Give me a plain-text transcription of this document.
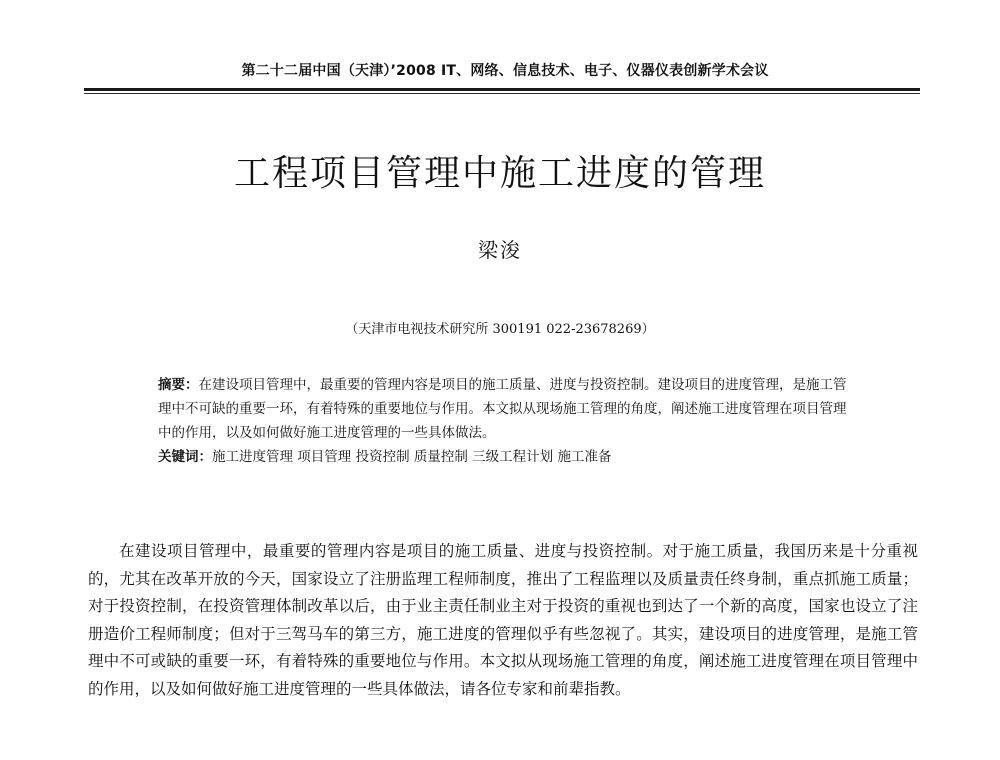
第二十二届中国（天津）’2008 IT、网络、信息技术、电子、仪器仪表创新学术会议
工程项目管理中施工进度的管理
梁浚
（天津市电视技术研究所 300191 022-23678269）

摘要：在建设项目管理中，最重要的管理内容是项目的施工质量、进度与投资控制。建设项目的进度管理，是施工管理中不可缺的重要一环，有着特殊的重要地位与作用。本文拟从现场施工管理的角度，阐述施工进度管理在项目管理中的作用，以及如何做好施工进度管理的一些具体做法。

关键词：施工进度管理 项目管理 投资控制 质量控制 三级工程计划 施工准备

在建设项目管理中，最重要的管理内容是项目的施工质量、进度与投资控制。对于施工质量，我国历来是十分重视的，尤其在改革开放的今天，国家设立了注册监理工程师制度，推出了工程监理以及质量责任终身制，重点抓施工质量；对于投资控制，在投资管理体制改革以后，由于业主责任制业主对于投资的重视也到达了一个新的高度，国家也设立了注册造价工程师制度；但对于三驾马车的第三方，施工进度的管理似乎有些忽视了。其实，建设项目的进度管理，是施工管理中不可或缺的重要一环，有着特殊的重要地位与作用。本文拟从现场施工管理的角度，阐述施工进度管理在项目管理中的作用，以及如何做好施工进度管理的一些具体做法，请各位专家和前辈指教。
